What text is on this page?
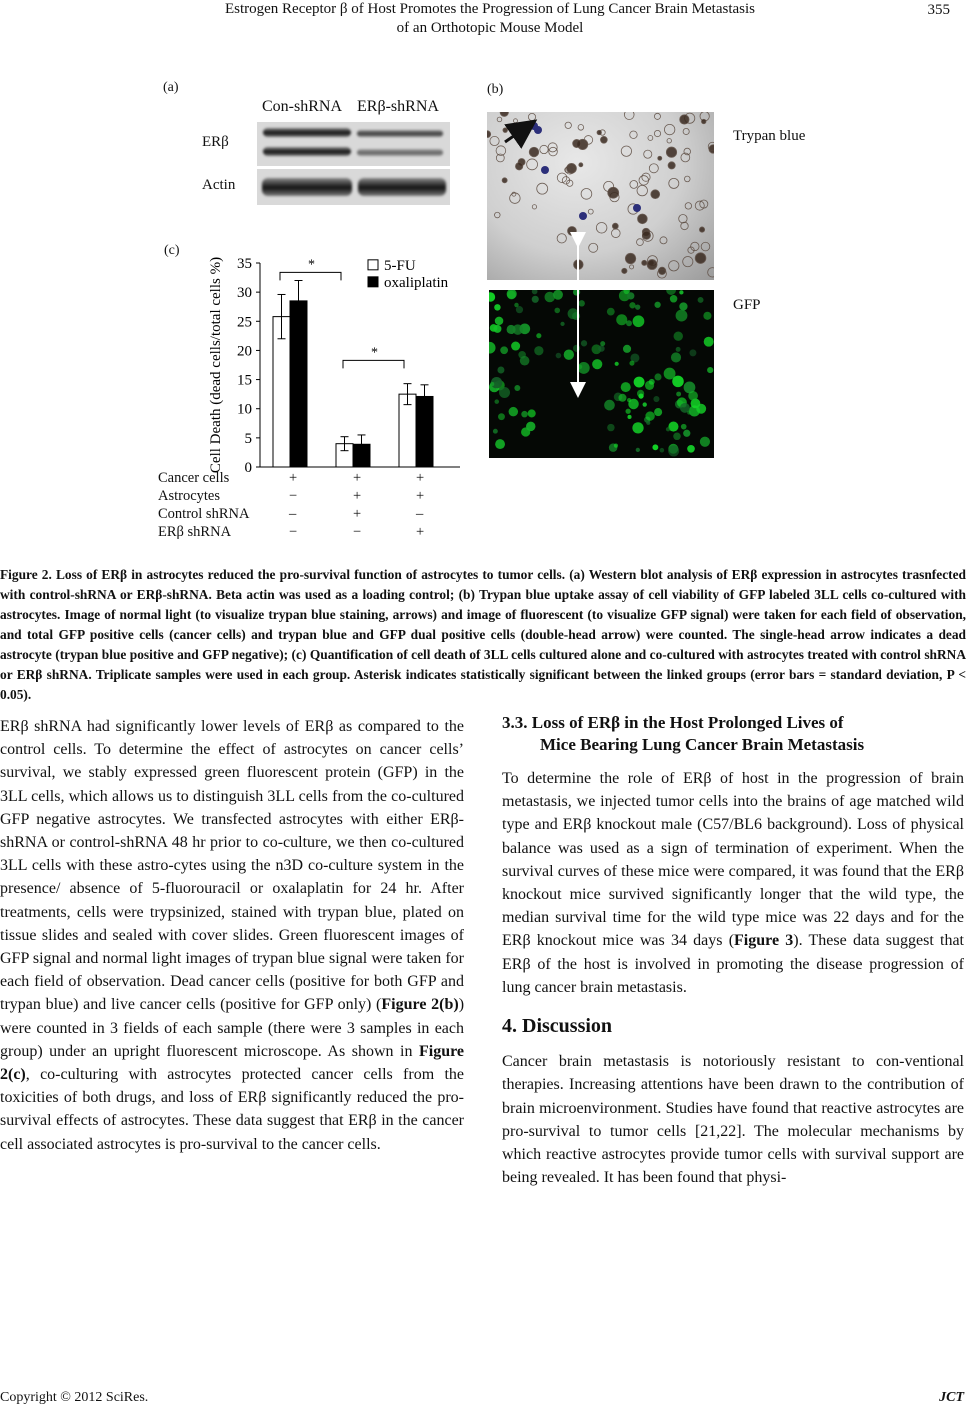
Estrogen Receptor β of Host Promotes the Progression of Lung Cancer Brain Metastasis
of an Orthotopic Mouse Model
355
(a)
Con-shRNA ERβ-shRNA
ERβ
Actin
(b)
Trypan blue
GFP
(c)
0
5
10
15
20
25
30
35
Cell Death (dead cells/total cells %)	*
*
5-FU
oxaliplatin
Cancer cells	+	+	+
Astrocytes	−	+	+
Control shRNA	–	+	–
ERβ shRNA	−	−	+
Figure 2. Loss of ERβ in astrocytes reduced the pro-survival function of astrocytes to tumor cells. (a) Western blot analysis of ERβ expression in astrocytes trasnfected with control-shRNA or ERβ-shRNA. Beta actin was used as a loading control; (b) Trypan blue uptake assay of cell viability of GFP labeled 3LL cells co-cultured with astrocytes. Image of normal light (to visualize trypan blue staining, arrows) and image of fluorescent (to visualize GFP signal) were taken for each field of observation, and total GFP positive cells (cancer cells) and trypan blue and GFP dual positive cells (double-head arrow) were counted. The single-head arrow indicates a dead astrocyte (trypan blue positive and GFP negative); (c) Quantification of cell death of 3LL cells cultured alone and co-cultured with astrocytes treated with control shRNA or ERβ shRNA. Triplicate samples were used in each group. Asterisk indicates statistically significant between the linked groups (error bars = standard deviation, P < 0.05).

ERβ shRNA had significantly lower levels of ERβ as compared to the control cells. To determine the effect of astrocytes on cancer cells’ survival, we stably expressed green fluorescent protein (GFP) in the 3LL cells, which allows us to distinguish 3LL cells from the co-cultured GFP negative astrocytes. We transfected astrocytes with either ERβ-shRNA or control-shRNA 48 hr prior to co-culture, we then co-cultured 3LL cells with these astro-cytes using the n3D co-culture system in the presence/ absence of 5-fluorouracil or oxalaplatin for 24 hr. After treatments, cells were trypsinized, stained with trypan blue, plated on tissue slides and sealed with cover slides. Green fluorescent images of GFP signal and normal light images of trypan blue signal were taken for each field of observation. Dead cancer cells (positive for both GFP and trypan blue) and live cancer cells (positive for GFP only) (Figure 2(b)) were counted in 3 fields of each sample (there were 3 samples in each group) under an upright fluorescent microscope. As shown in Figure 2(c), co-culturing with astrocytes protected cancer cells from the toxicities of both drugs, and loss of ERβ significantly reduced the pro-survival effects of astrocytes. These data suggest that ERβ in the cancer cell associated astrocytes is pro-survival to the cancer cells.

3.3. Loss of ERβ in the Host Prolonged Lives of
Mice Bearing Lung Cancer Brain Metastasis

To determine the role of ERβ of host in the progression of brain metastasis, we injected tumor cells into the brains of age matched wild type and ERβ knockout male (C57/BL6 background). Loss of physical balance was used as a sign of termination of experiment. When the survival curves of these mice were compared, it was found that the ERβ knockout mice survived significantly longer that the wild type, the median survival time for the wild type mice was 22 days and for the ERβ knockout mice was 34 days (Figure 3). These data suggest that ERβ of the host is involved in promoting the disease progression of lung cancer brain metastasis.

4. Discussion

Cancer brain metastasis is notoriously resistant to con-ventional therapies. Increasing attentions have been drawn to the contribution of brain microenvironment. Studies have found that reactive astrocytes are pro-survival to tumor cells [21,22]. The molecular mechanisms by which reactive astrocytes provide tumor cells with survival support are being revealed. It has been found that physi-

Copyright © 2012 SciRes.	JCT
